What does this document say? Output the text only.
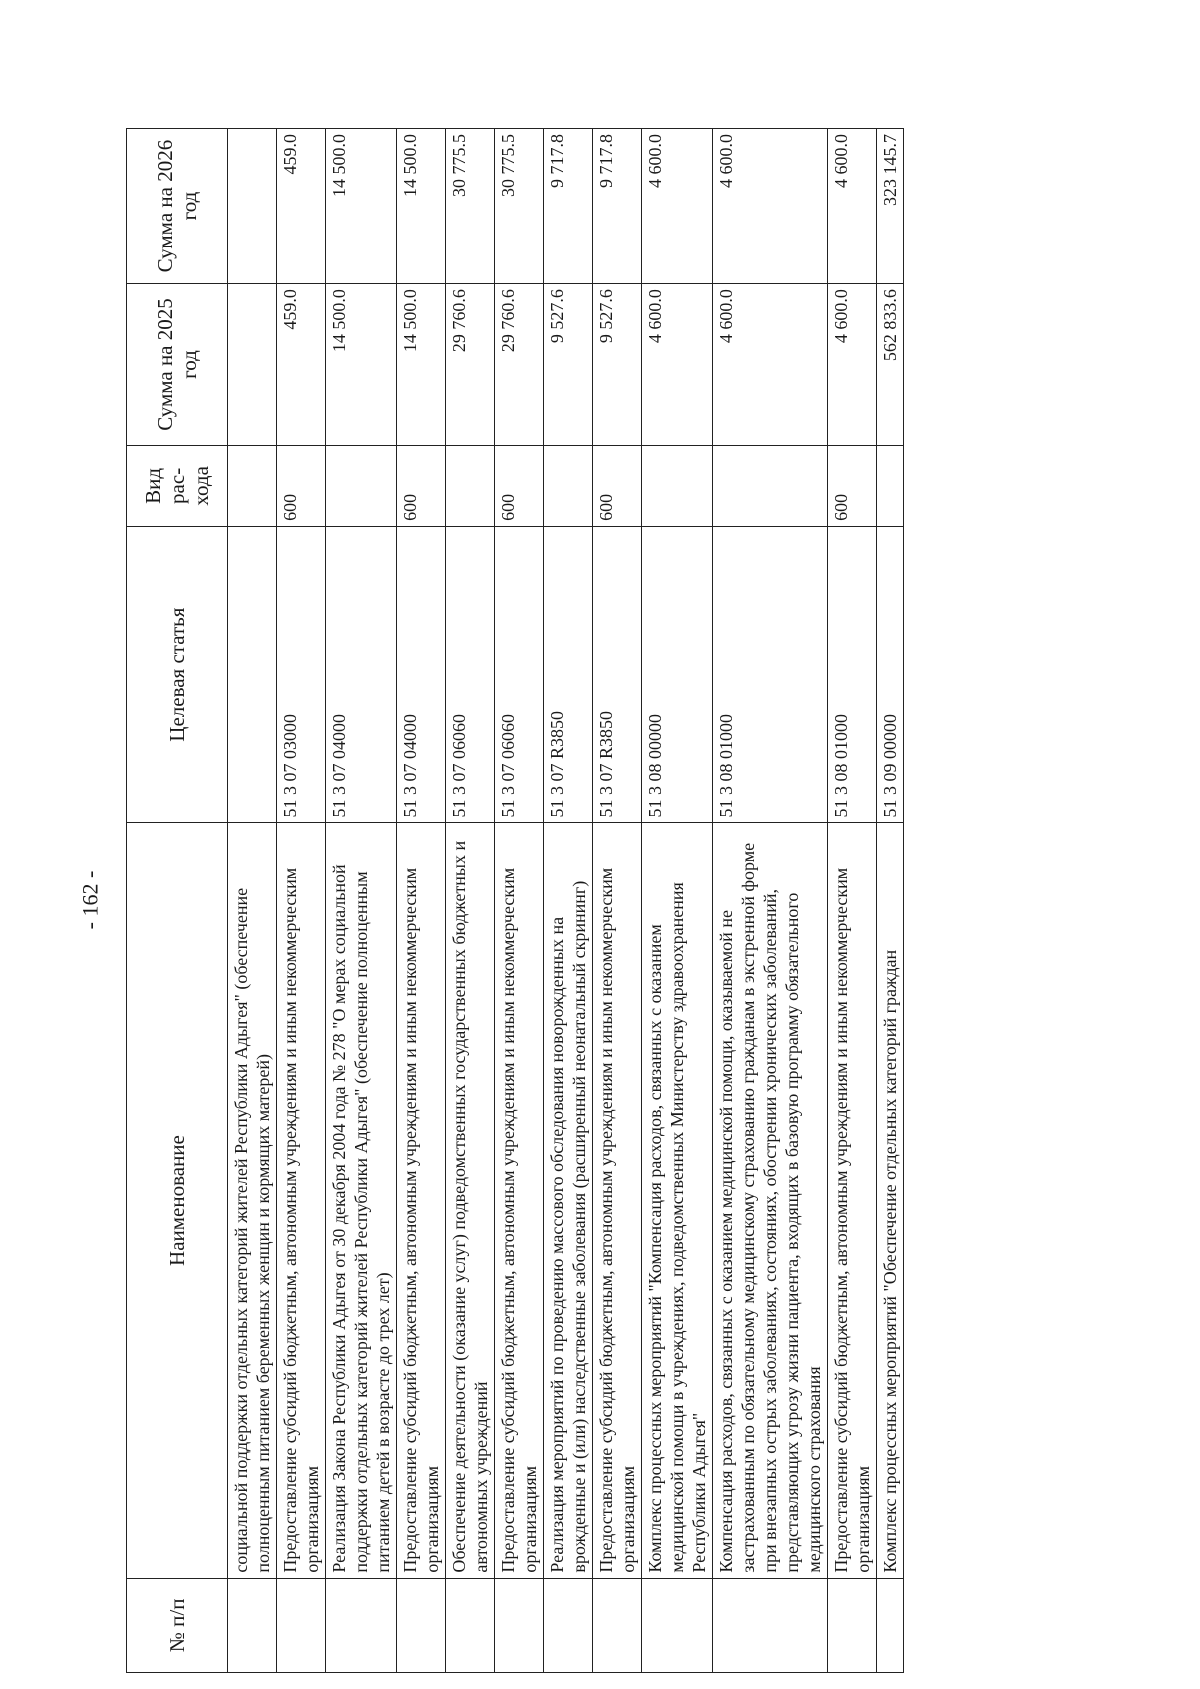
- 162 -
№ п/п	Наименование	Целевая статья	Вид рас-хода	Сумма на 2025 год	Сумма на 2026 год
	социальной поддержки отдельных категорий жителей Республики Адыгея" (обеспечение полноценным питанием беременных женщин и кормящих матерей)				
	Предоставление субсидий бюджетным, автономным учреждениям и иным некоммерческим организациям	51 3 07 03000	600	459.0	459.0
	Реализация Закона Республики Адыгея от 30 декабря 2004 года № 278 "О мерах социальной поддержки отдельных категорий жителей Республики Адыгея" (обеспечение полноценным питанием детей в возрасте до трех лет)	51 3 07 04000		14 500.0	14 500.0
	Предоставление субсидий бюджетным, автономным учреждениям и иным некоммерческим организациям	51 3 07 04000	600	14 500.0	14 500.0
	Обеспечение деятельности (оказание услуг) подведомственных государственных бюджетных и автономных учреждений	51 3 07 06060		29 760.6	30 775.5
	Предоставление субсидий бюджетным, автономным учреждениям и иным некоммерческим организациям	51 3 07 06060	600	29 760.6	30 775.5
	Реализация мероприятий по проведению массового обследования новорожденных на врожденные и (или) наследственные заболевания (расширенный неонатальный скрининг)	51 3 07 R3850		9 527.6	9 717.8
	Предоставление субсидий бюджетным, автономным учреждениям и иным некоммерческим организациям	51 3 07 R3850	600	9 527.6	9 717.8
	Комплекс процессных мероприятий "Компенсация расходов, связанных с оказанием медицинской помощи в учреждениях, подведомственных Министерству здравоохранения Республики Адыгея"	51 3 08 00000		4 600.0	4 600.0
	Компенсация расходов, связанных с оказанием медицинской помощи, оказываемой не застрахованным по обязательному медицинскому страхованию гражданам в экстренной форме при внезапных острых заболеваниях, состояниях, обострении хронических заболеваний, представляющих угрозу жизни пациента, входящих в базовую программу обязательного медицинского страхования	51 3 08 01000		4 600.0	4 600.0
	Предоставление субсидий бюджетным, автономным учреждениям и иным некоммерческим организациям	51 3 08 01000	600	4 600.0	4 600.0
	Комплекс процессных мероприятий "Обеспечение отдельных категорий граждан	51 3 09 00000		562 833.6	323 145.7
